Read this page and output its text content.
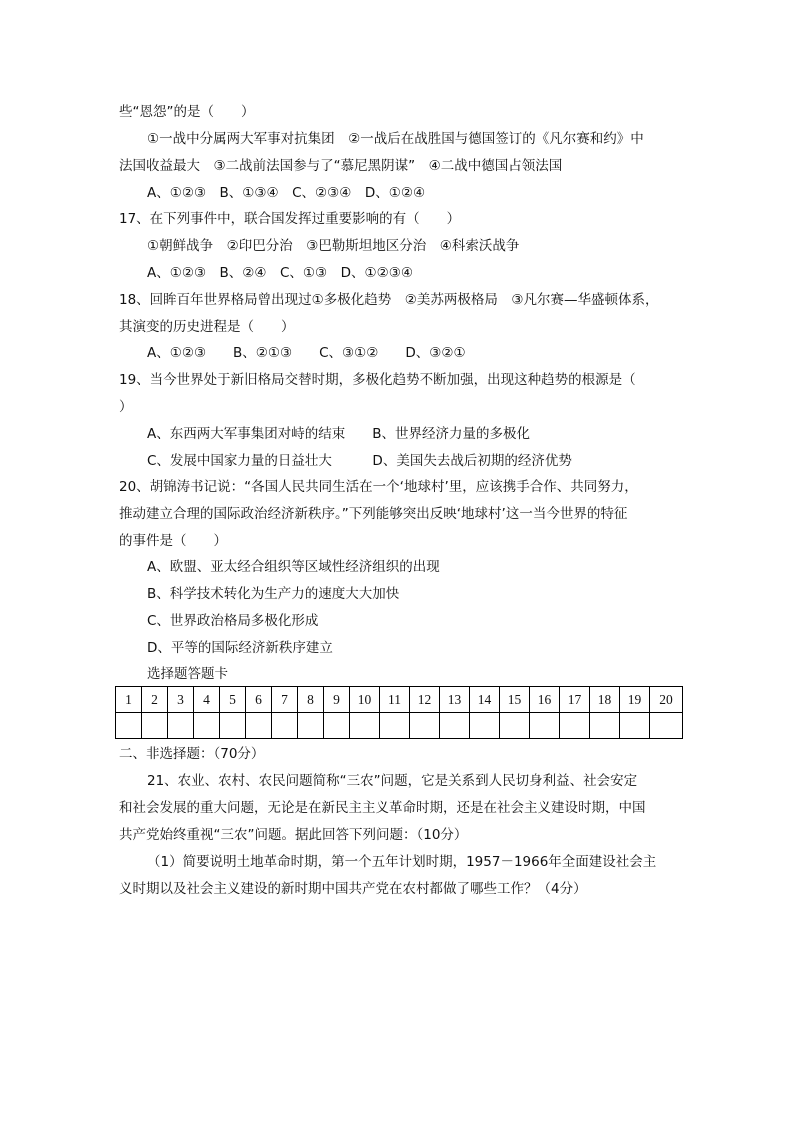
些“恩怨”的是（　　）
①一战中分属两大军事对抗集团　②一战后在战胜国与德国签订的《凡尔赛和约》中
法国收益最大　③二战前法国参与了“慕尼黑阴谋”　④二战中德国占领法国
A、①②③　B、①③④　C、②③④　D、①②④
17、在下列事件中，联合国发挥过重要影响的有（　　）
①朝鲜战争　②印巴分治　③巴勒斯坦地区分治　④科索沃战争
A、①②③　B、②④　C、①③　D、①②③④
18、回眸百年世界格局曾出现过①多极化趋势　②美苏两极格局　③凡尔赛—华盛顿体系，
其演变的历史进程是（　　）
A、①②③　　B、②①③　　C、③①②　　D、③②①
19、当今世界处于新旧格局交替时期，多极化趋势不断加强，出现这种趋势的根源是（
）
A、东西两大军事集团对峙的结束　　B、世界经济力量的多极化
C、发展中国家力量的日益壮大　　　D、美国失去战后初期的经济优势
20、胡锦涛书记说：“各国人民共同生活在一个‘地球村’里，应该携手合作、共同努力，
推动建立合理的国际政治经济新秩序。”下列能够突出反映‘地球村’这一当今世界的特征
的事件是（　　）
A、欧盟、亚太经合组织等区域性经济组织的出现
B、科学技术转化为生产力的速度大大加快
C、世界政治格局多极化形成
D、平等的国际经济新秩序建立
选择题答题卡
1	2	3	4	5	6	7	8	9	10	11	12	13	14	15	16	17	18	19	20

二、非选择题：（70分）
21、农业、农村、农民问题简称“三农”问题，它是关系到人民切身利益、社会安定
和社会发展的重大问题，无论是在新民主主义革命时期，还是在社会主义建设时期，中国
共产党始终重视“三农”问题。据此回答下列问题：（10分）
（1）简要说明土地革命时期，第一个五年计划时期，1957－1966年全面建设社会主
义时期以及社会主义建设的新时期中国共产党在农村都做了哪些工作？（4分）
